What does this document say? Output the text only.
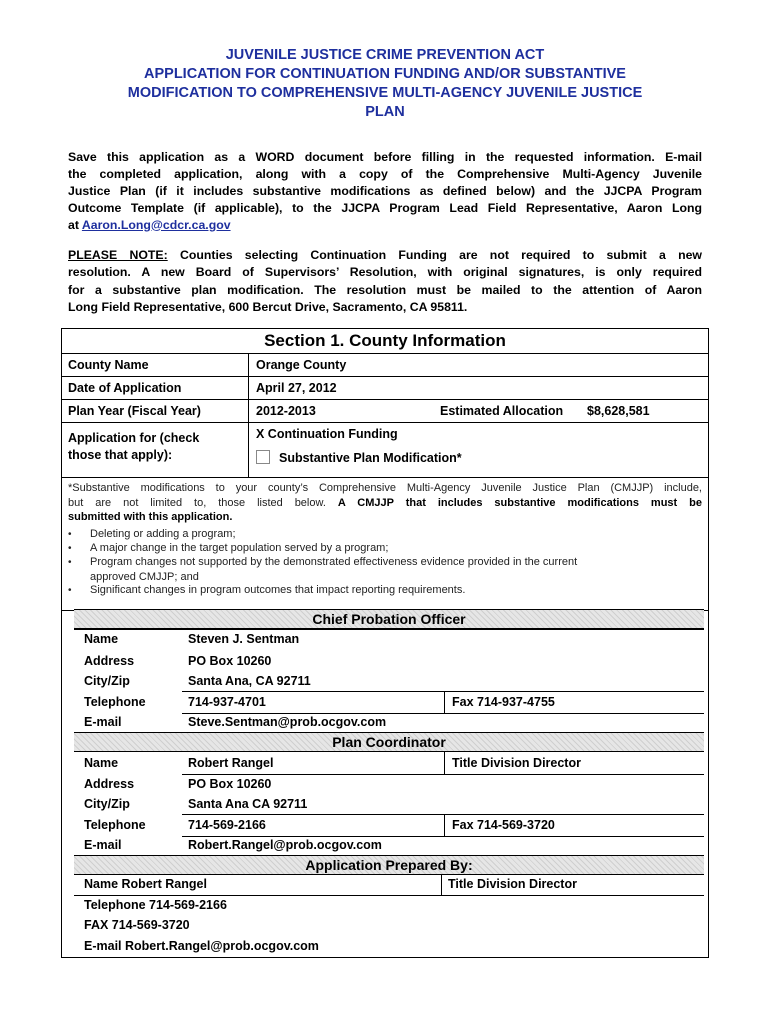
JUVENILE JUSTICE CRIME PREVENTION ACT
APPLICATION FOR CONTINUATION FUNDING AND/OR SUBSTANTIVE
MODIFICATION TO COMPREHENSIVE MULTI-AGENCY JUVENILE JUSTICE
PLAN
Save this application as a WORD document before filling in the requested information. E-mail
the completed application, along with a copy of the Comprehensive Multi-Agency Juvenile
Justice Plan (if it includes substantive modifications as defined below) and the JJCPA Program
Outcome Template (if applicable), to the JJCPA Program Lead Field Representative, Aaron Long
at Aaron.Long@cdcr.ca.gov
PLEASE NOTE: Counties selecting Continuation Funding are not required to submit a new
resolution. A new Board of Supervisors’ Resolution, with original signatures, is only required
for a substantive plan modification. The resolution must be mailed to the attention of Aaron
Long Field Representative, 600 Bercut Drive, Sacramento, CA 95811.
Section 1. County Information
County Name	Orange County
Date of Application	April 27, 2012
Plan Year (Fiscal Year)	2012-2013	Estimated Allocation $8,628,581
Application for (check
those that apply):
X Continuation Funding
Substantive Plan Modification*
*Substantive modifications to your county’s Comprehensive Multi-Agency Juvenile Justice Plan (CMJJP) include,
but are not limited to, those listed below. A CMJJP that includes substantive modifications must be
submitted with this application.
• Deleting or adding a program;
• A major change in the target population served by a program;
• Program changes not supported by the demonstrated effectiveness evidence provided in the current
approved CMJJP; and
• Significant changes in program outcomes that impact reporting requirements.
Chief Probation Officer
Name	Steven J. Sentman
Address	PO Box 10260
City/Zip	Santa Ana, CA 92711
Telephone	714-937-4701	Fax 714-937-4755
E-mail	Steve.Sentman@prob.ocgov.com
Plan Coordinator
Name	Robert Rangel	Title Division Director
Address	PO Box 10260
City/Zip	Santa Ana CA 92711
Telephone	714-569-2166	Fax 714-569-3720
E-mail	Robert.Rangel@prob.ocgov.com
Application Prepared By:
Name Robert Rangel	Title Division Director
Telephone 714-569-2166
FAX 714-569-3720
E-mail Robert.Rangel@prob.ocgov.com
